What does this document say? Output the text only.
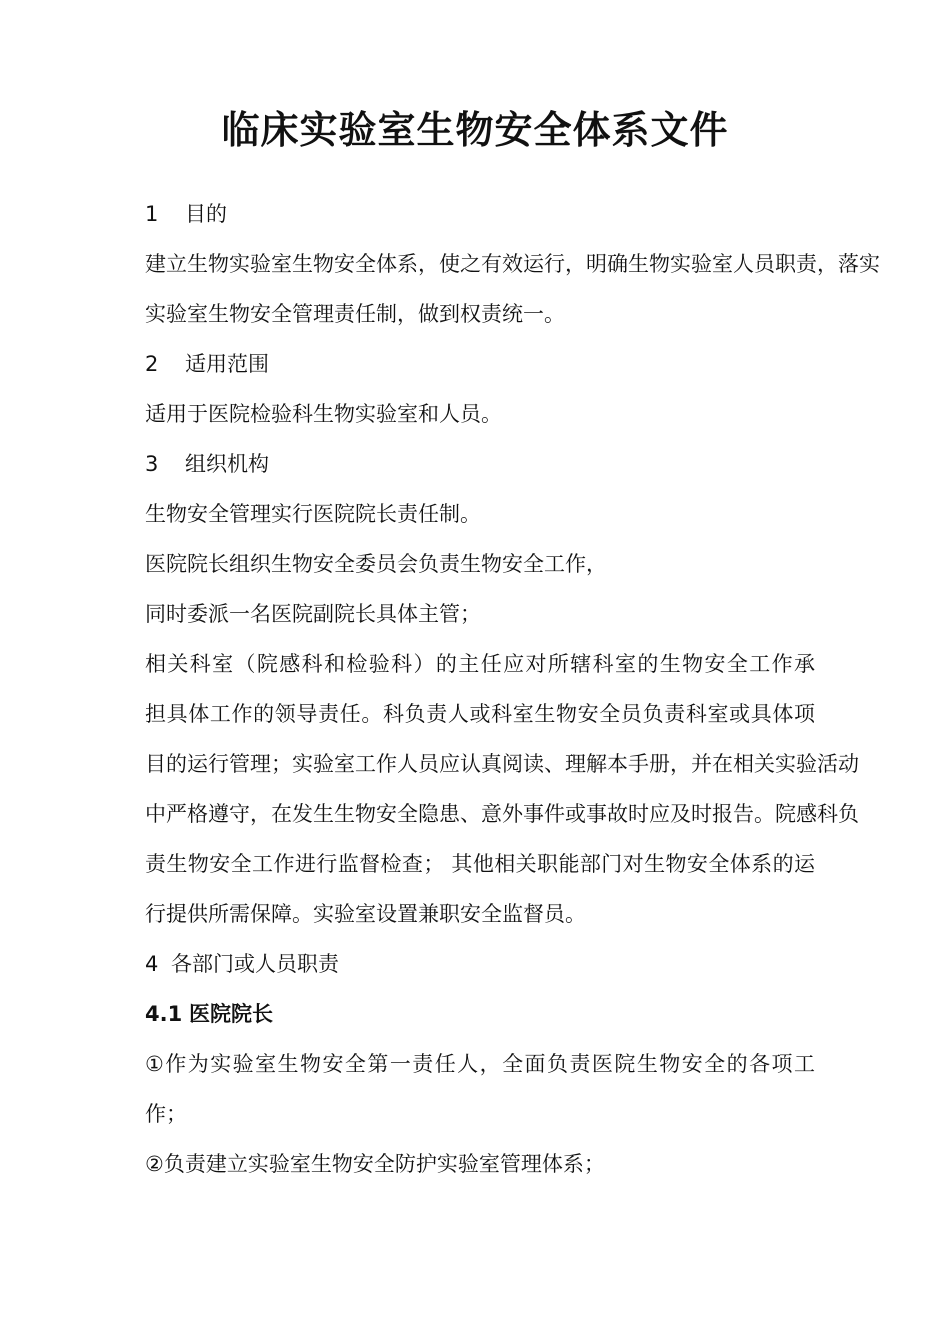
临床实验室生物安全体系文件

1 目的

建立生物实验室生物安全体系，使之有效运行，明确生物实验室人员职责，落实

实验室生物安全管理责任制，做到权责统一。

2 适用范围

适用于医院检验科生物实验室和人员。

3 组织机构

生物安全管理实行医院院长责任制。

医院院长组织生物安全委员会负责生物安全工作，

同时委派一名医院副院长具体主管；

相关科室（院感科和检验科）的主任应对所辖科室的生物安全工作承

担具体工作的领导责任。科负责人或科室生物安全员负责科室或具体项

目的运行管理；实验室工作人员应认真阅读、理解本手册，并在相关实验活动

中严格遵守，在发生生物安全隐患、意外事件或事故时应及时报告。院感科负

责生物安全工作进行监督检查； 其他相关职能部门对生物安全体系的运

行提供所需保障。实验室设置兼职安全监督员。

4 各部门或人员职责

4.1 医院院长

①作为实验室生物安全第一责任人，全面负责医院生物安全的各项工

作；

②负责建立实验室生物安全防护实验室管理体系；
